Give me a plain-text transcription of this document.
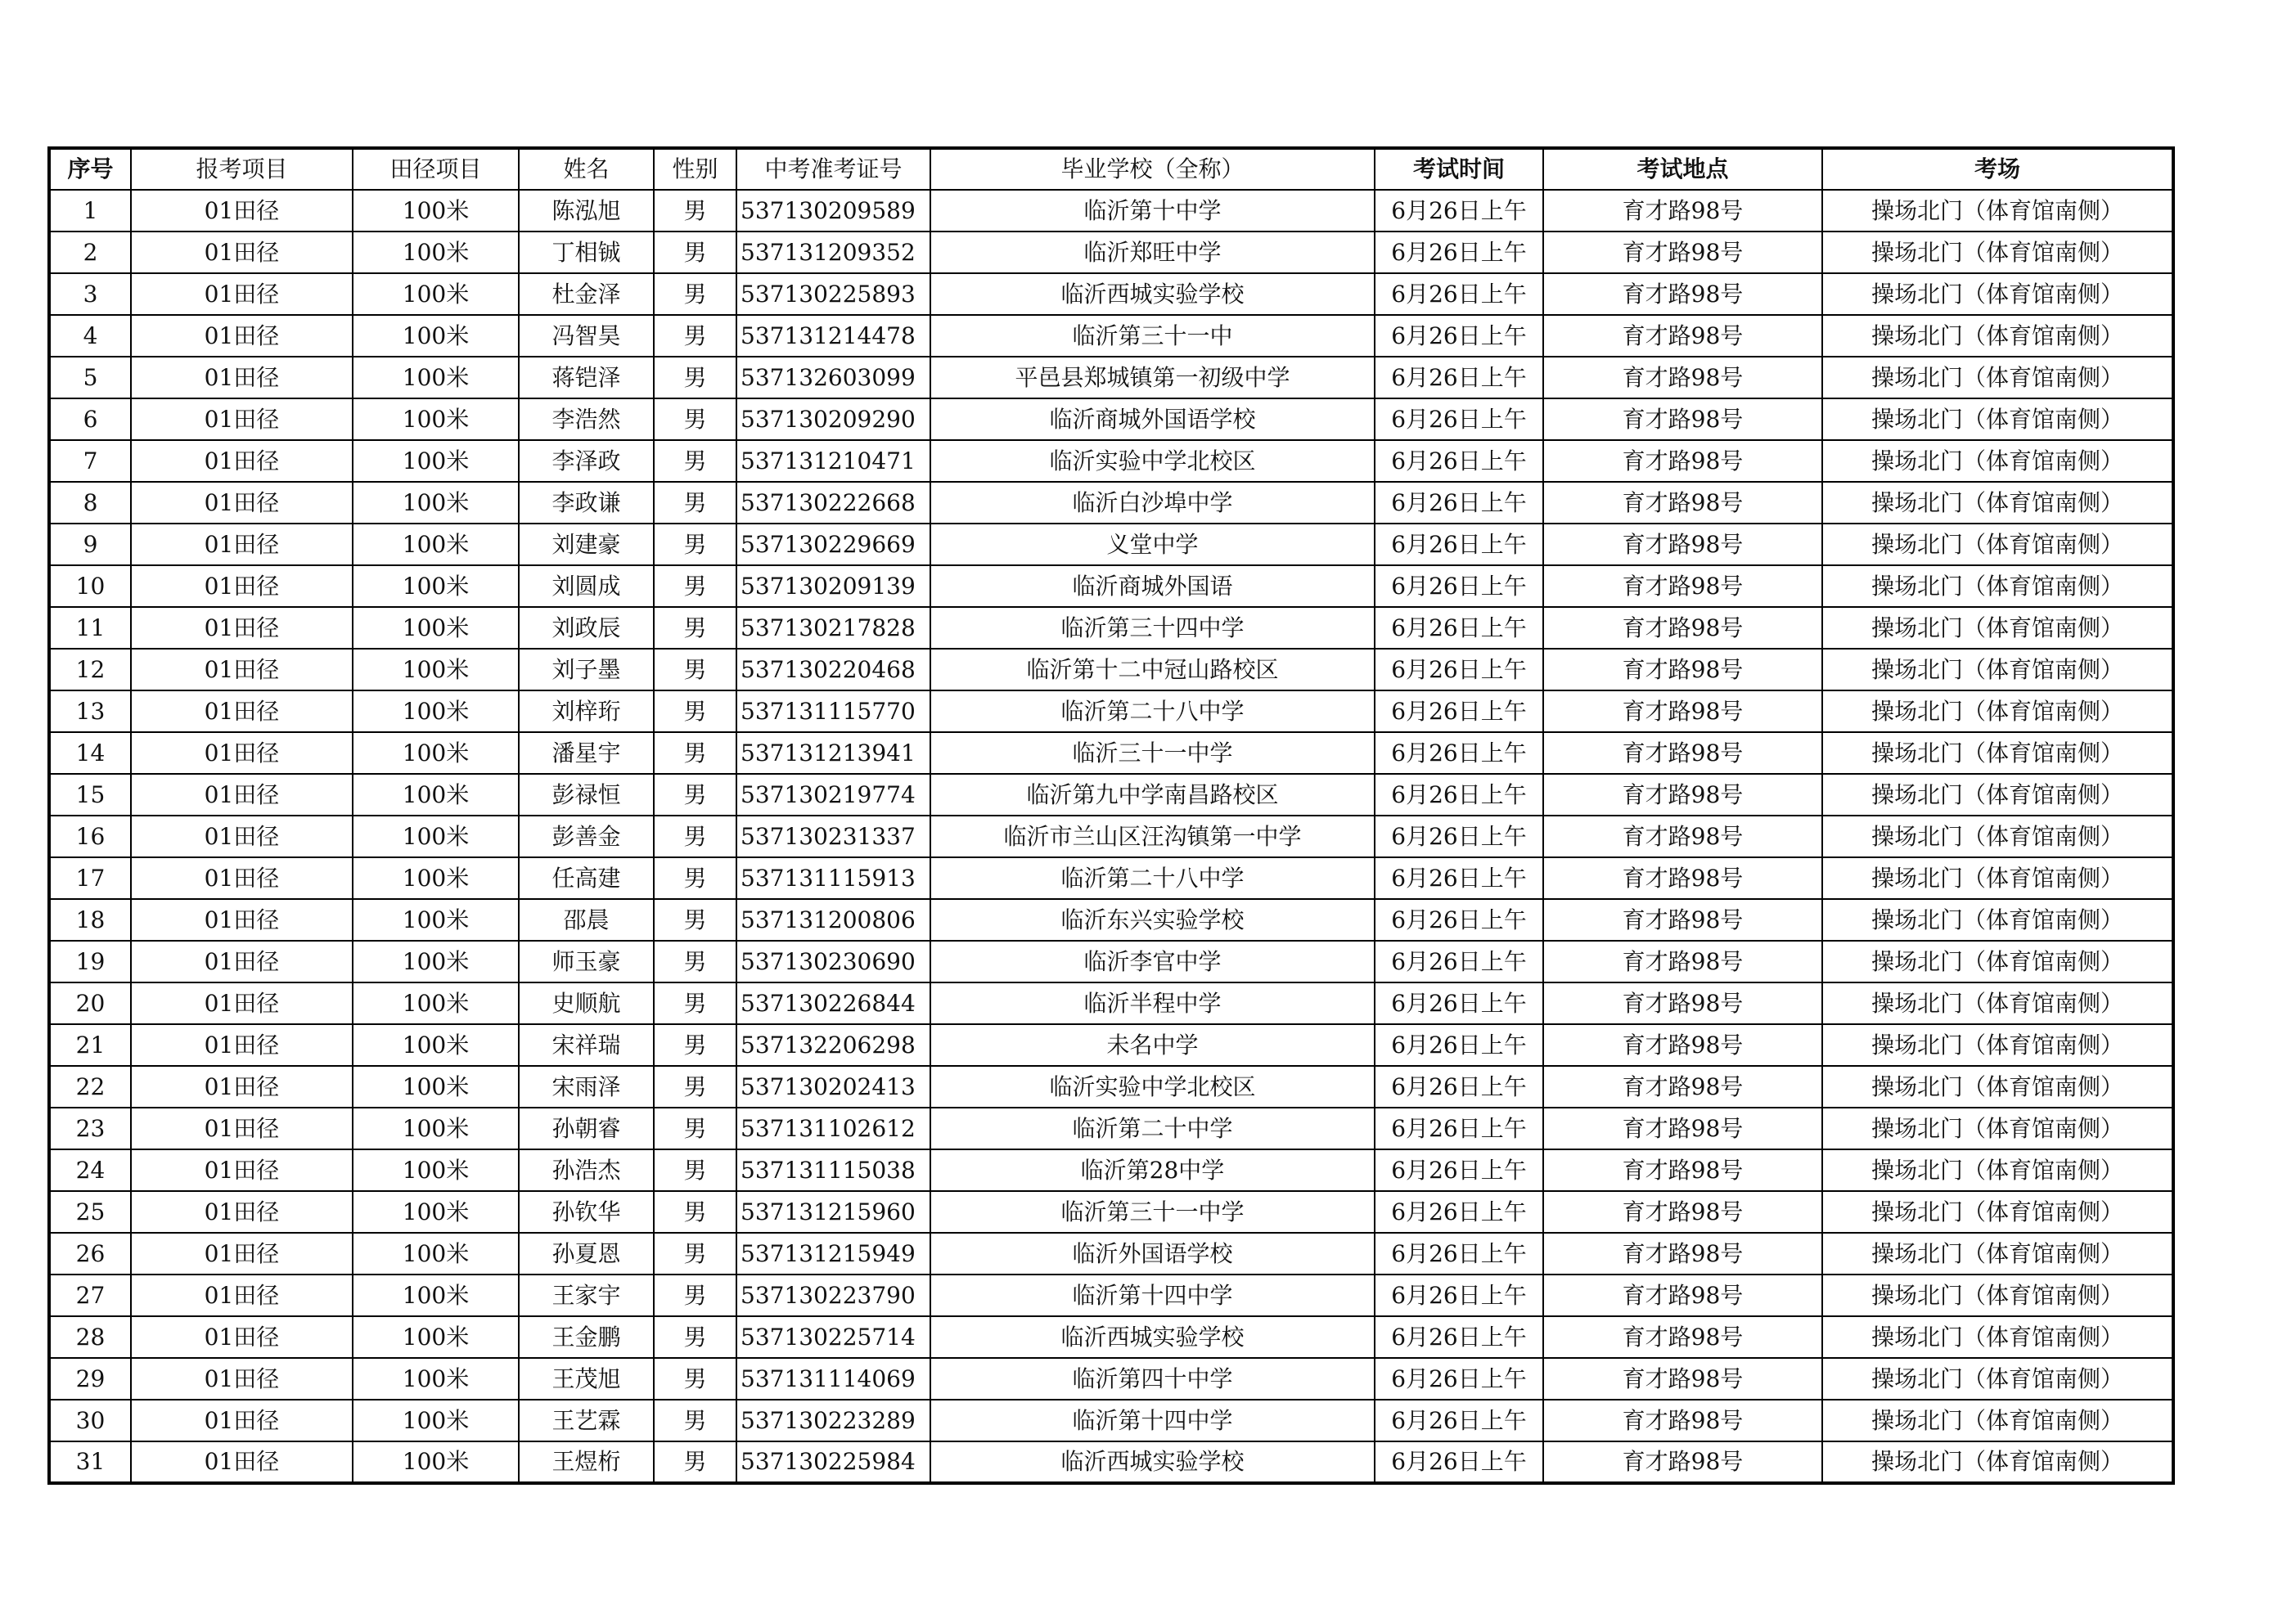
序号	报考项目	田径项目	姓名	性别	中考准考证号	毕业学校（全称）	考试时间	考试地点	考场
1	01田径	100米	陈泓旭	男	537130209589	临沂第十中学	6月26日上午	育才路98号	操场北门（体育馆南侧）
2	01田径	100米	丁相铖	男	537131209352	临沂郑旺中学	6月26日上午	育才路98号	操场北门（体育馆南侧）
3	01田径	100米	杜金泽	男	537130225893	临沂西城实验学校	6月26日上午	育才路98号	操场北门（体育馆南侧）
4	01田径	100米	冯智昊	男	537131214478	临沂第三十一中	6月26日上午	育才路98号	操场北门（体育馆南侧）
5	01田径	100米	蒋铠泽	男	537132603099	平邑县郑城镇第一初级中学	6月26日上午	育才路98号	操场北门（体育馆南侧）
6	01田径	100米	李浩然	男	537130209290	临沂商城外国语学校	6月26日上午	育才路98号	操场北门（体育馆南侧）
7	01田径	100米	李泽政	男	537131210471	临沂实验中学北校区	6月26日上午	育才路98号	操场北门（体育馆南侧）
8	01田径	100米	李政谦	男	537130222668	临沂白沙埠中学	6月26日上午	育才路98号	操场北门（体育馆南侧）
9	01田径	100米	刘建豪	男	537130229669	义堂中学	6月26日上午	育才路98号	操场北门（体育馆南侧）
10	01田径	100米	刘圆成	男	537130209139	临沂商城外国语	6月26日上午	育才路98号	操场北门（体育馆南侧）
11	01田径	100米	刘政辰	男	537130217828	临沂第三十四中学	6月26日上午	育才路98号	操场北门（体育馆南侧）
12	01田径	100米	刘子墨	男	537130220468	临沂第十二中冠山路校区	6月26日上午	育才路98号	操场北门（体育馆南侧）
13	01田径	100米	刘梓珩	男	537131115770	临沂第二十八中学	6月26日上午	育才路98号	操场北门（体育馆南侧）
14	01田径	100米	潘星宇	男	537131213941	临沂三十一中学	6月26日上午	育才路98号	操场北门（体育馆南侧）
15	01田径	100米	彭禄恒	男	537130219774	临沂第九中学南昌路校区	6月26日上午	育才路98号	操场北门（体育馆南侧）
16	01田径	100米	彭善金	男	537130231337	临沂市兰山区汪沟镇第一中学	6月26日上午	育才路98号	操场北门（体育馆南侧）
17	01田径	100米	任高建	男	537131115913	临沂第二十八中学	6月26日上午	育才路98号	操场北门（体育馆南侧）
18	01田径	100米	邵晨	男	537131200806	临沂东兴实验学校	6月26日上午	育才路98号	操场北门（体育馆南侧）
19	01田径	100米	师玉豪	男	537130230690	临沂李官中学	6月26日上午	育才路98号	操场北门（体育馆南侧）
20	01田径	100米	史顺航	男	537130226844	临沂半程中学	6月26日上午	育才路98号	操场北门（体育馆南侧）
21	01田径	100米	宋祥瑞	男	537132206298	未名中学	6月26日上午	育才路98号	操场北门（体育馆南侧）
22	01田径	100米	宋雨泽	男	537130202413	临沂实验中学北校区	6月26日上午	育才路98号	操场北门（体育馆南侧）
23	01田径	100米	孙朝睿	男	537131102612	临沂第二十中学	6月26日上午	育才路98号	操场北门（体育馆南侧）
24	01田径	100米	孙浩杰	男	537131115038	临沂第28中学	6月26日上午	育才路98号	操场北门（体育馆南侧）
25	01田径	100米	孙钦华	男	537131215960	临沂第三十一中学	6月26日上午	育才路98号	操场北门（体育馆南侧）
26	01田径	100米	孙夏恩	男	537131215949	临沂外国语学校	6月26日上午	育才路98号	操场北门（体育馆南侧）
27	01田径	100米	王家宇	男	537130223790	临沂第十四中学	6月26日上午	育才路98号	操场北门（体育馆南侧）
28	01田径	100米	王金鹏	男	537130225714	临沂西城实验学校	6月26日上午	育才路98号	操场北门（体育馆南侧）
29	01田径	100米	王茂旭	男	537131114069	临沂第四十中学	6月26日上午	育才路98号	操场北门（体育馆南侧）
30	01田径	100米	王艺霖	男	537130223289	临沂第十四中学	6月26日上午	育才路98号	操场北门（体育馆南侧）
31	01田径	100米	王煜桁	男	537130225984	临沂西城实验学校	6月26日上午	育才路98号	操场北门（体育馆南侧）
